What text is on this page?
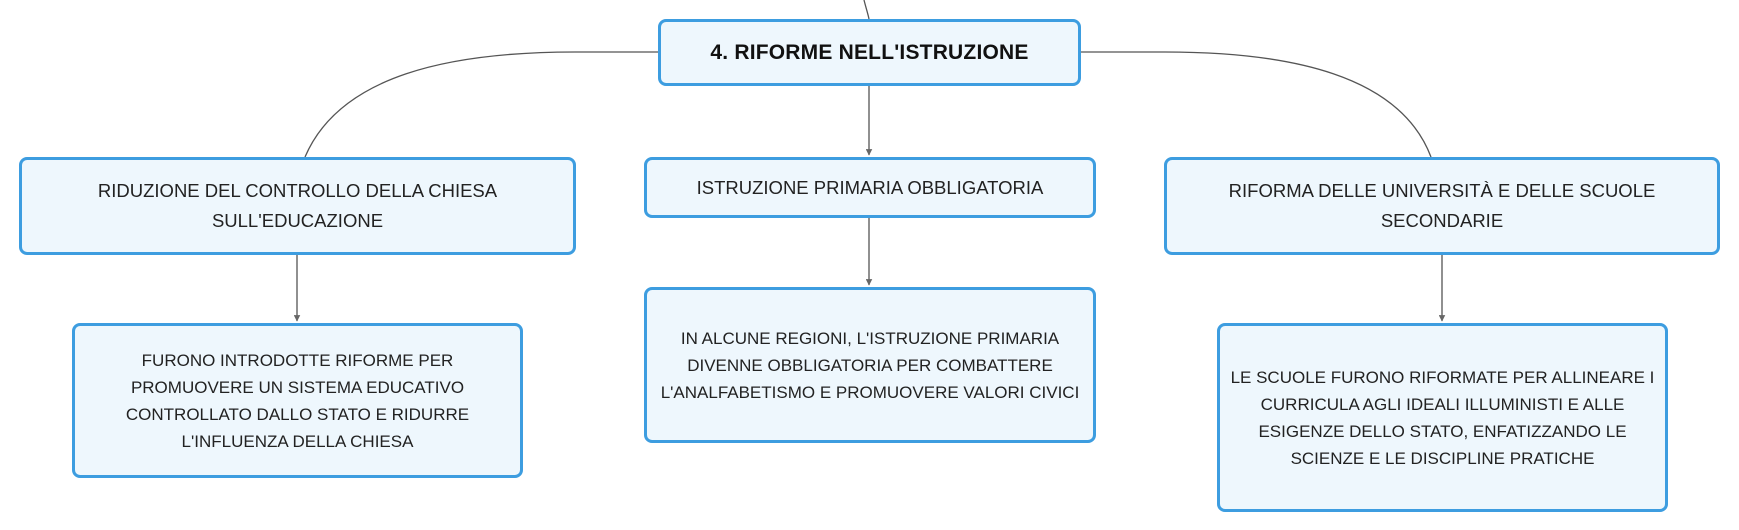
4. RIFORME NELL'ISTRUZIONE
RIDUZIONE DEL CONTROLLO DELLA CHIESA SULL'EDUCAZIONE
ISTRUZIONE PRIMARIA OBBLIGATORIA	RIFORMA DELLE UNIVERSITÀ E DELLE SCUOLE SECONDARIE
FURONO INTRODOTTE RIFORME PER PROMUOVERE UN SISTEMA EDUCATIVO CONTROLLATO DALLO STATO E RIDURRE L'INFLUENZA DELLA CHIESA
IN ALCUNE REGIONI, L'ISTRUZIONE PRIMARIA DIVENNE OBBLIGATORIA PER COMBATTERE L'ANALFABETISMO E PROMUOVERE VALORI CIVICI
LE SCUOLE FURONO RIFORMATE PER ALLINEARE I CURRICULA AGLI IDEALI ILLUMINISTI E ALLE ESIGENZE DELLO STATO, ENFATIZZANDO LE SCIENZE E LE DISCIPLINE PRATICHE
